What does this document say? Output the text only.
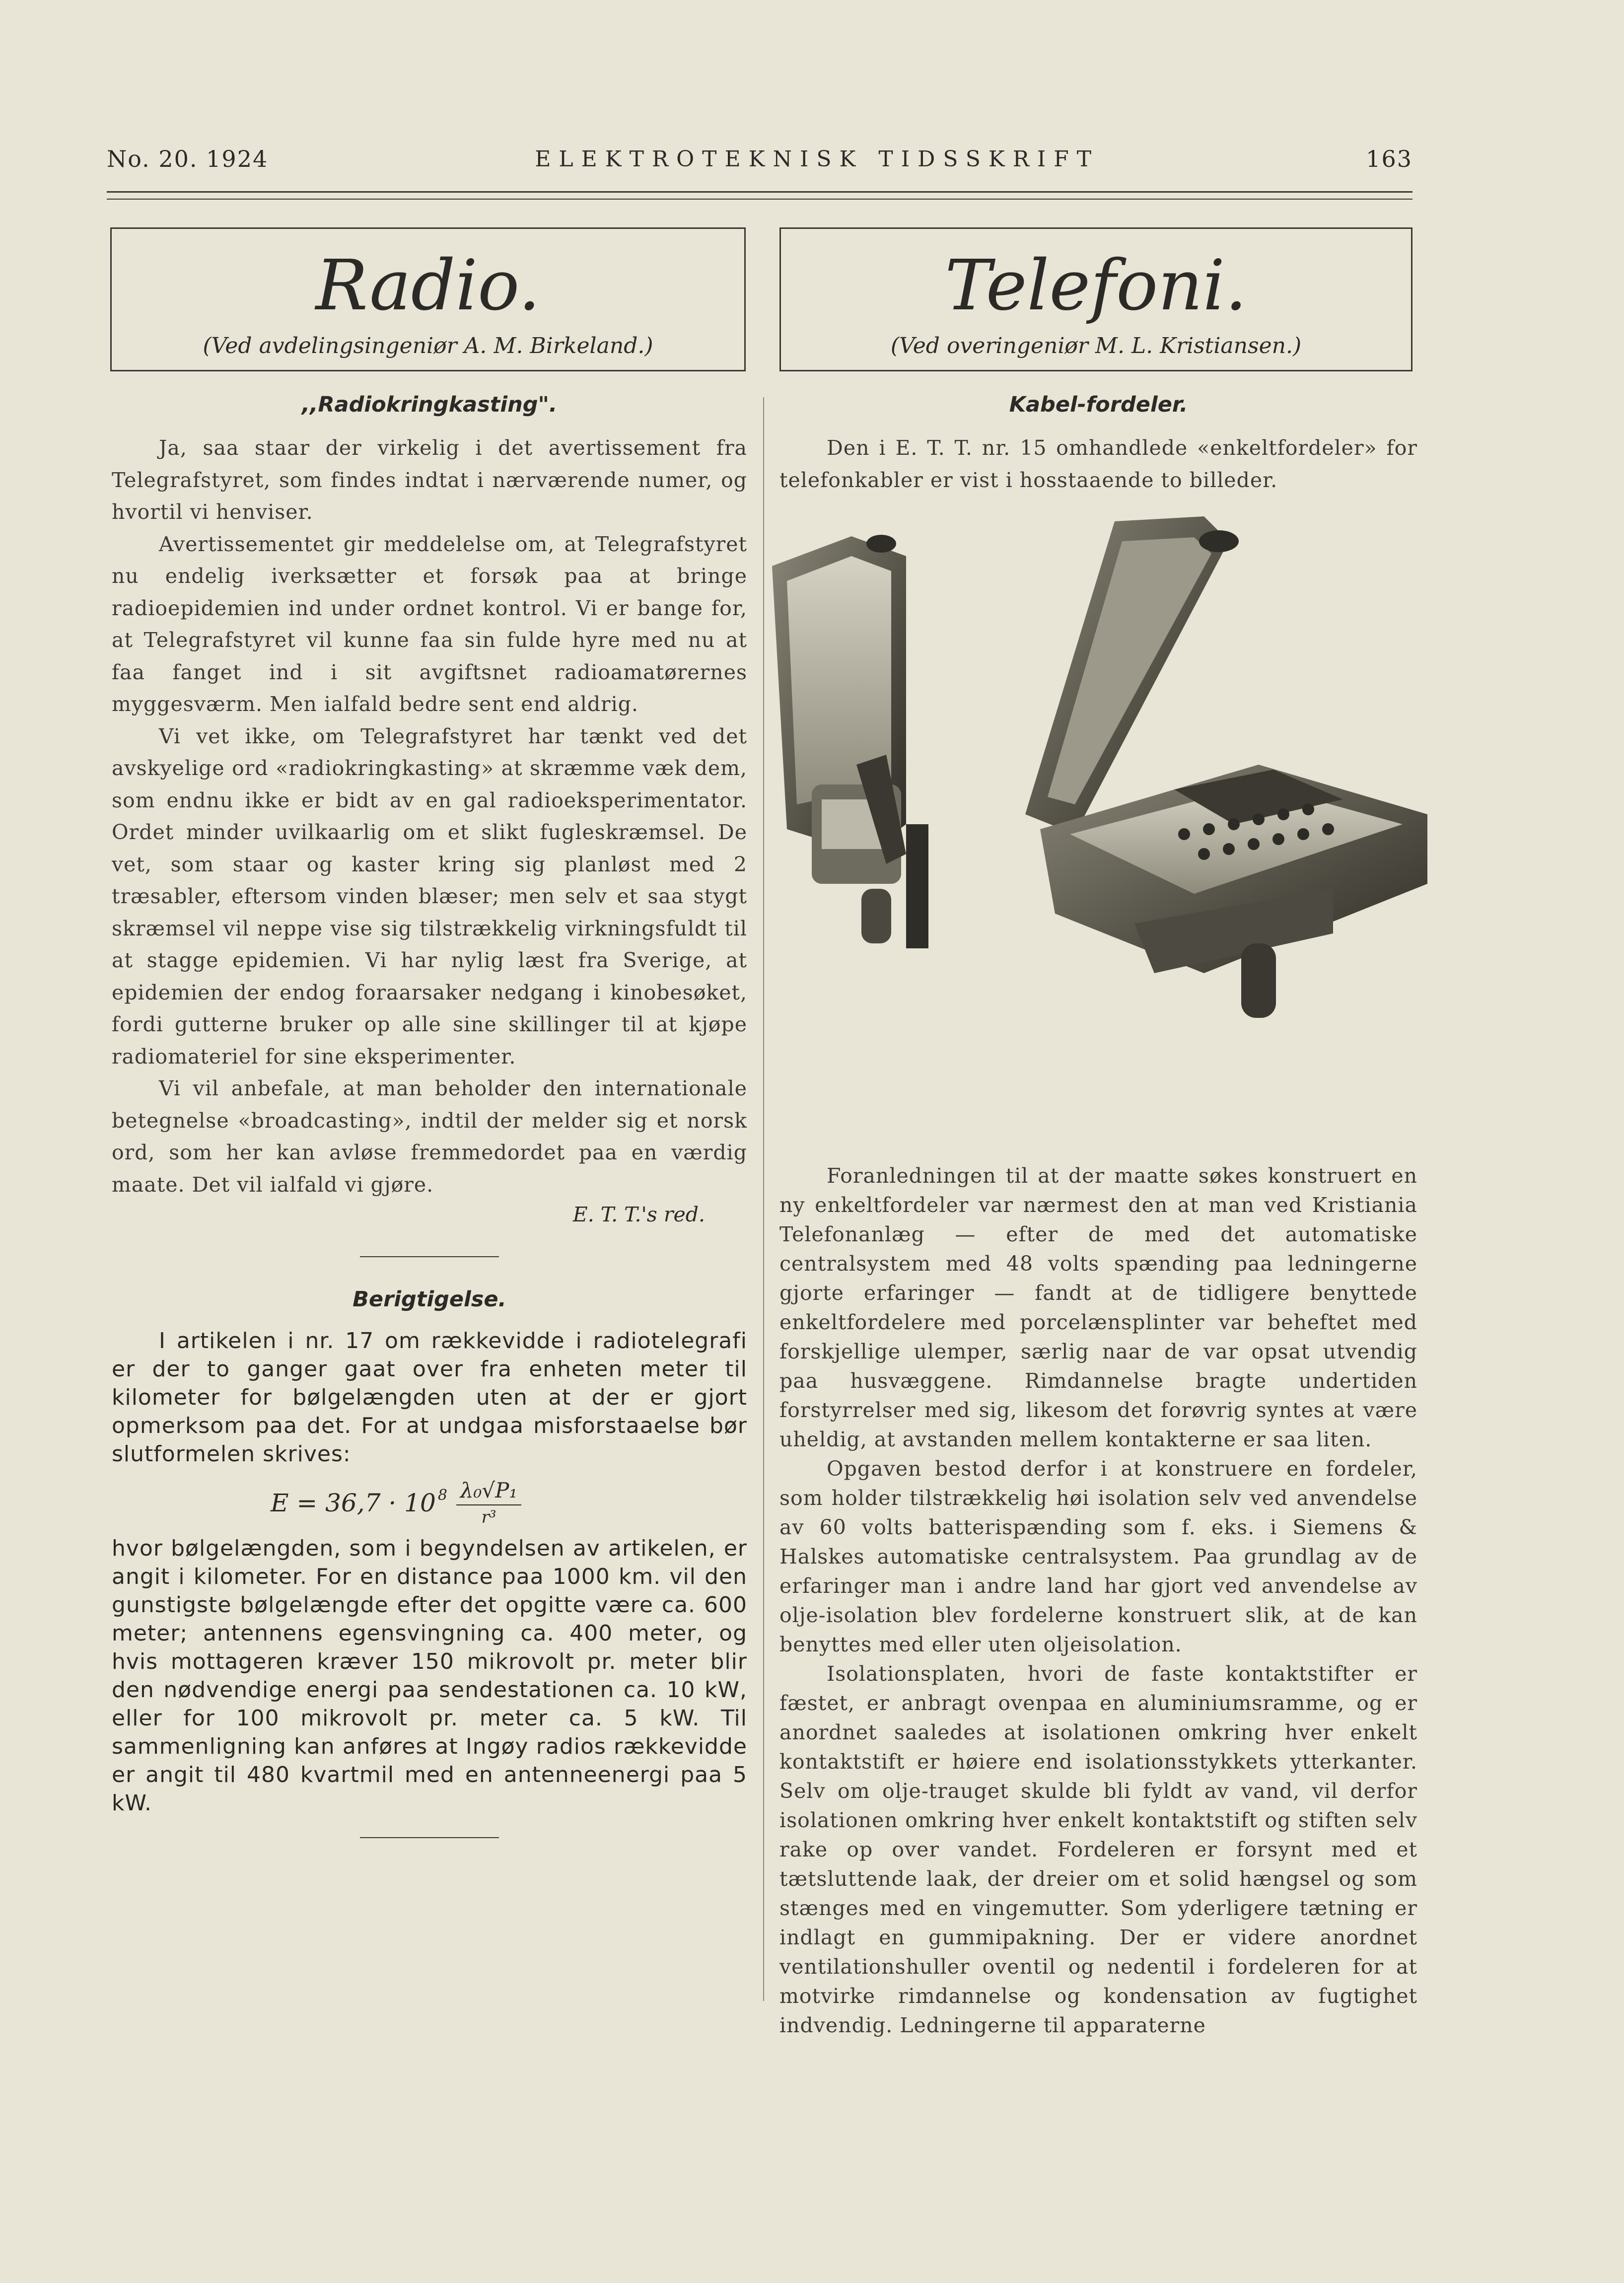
No. 20. 1924	ELEKTROTEKNISK TIDSSKRIFT	163
Radio.
(Ved avdelingsingeniør A. M. Birkeland.)
Telefoni.
(Ved overingeniør M. L. Kristiansen.)
,,Radiokringkasting".

Ja, saa staar der virkelig i det avertissement fra Telegrafstyret, som findes indtat i nærværende numer, og hvortil vi henviser.

Avertissementet gir meddelelse om, at Telegrafstyret nu endelig iverksætter et forsøk paa at bringe radioepidemien ind under ordnet kontrol. Vi er bange for, at Telegrafstyret vil kunne faa sin fulde hyre med nu at faa fanget ind i sit avgiftsnet radioamatørernes myggesværm. Men ialfald bedre sent end aldrig.

Vi vet ikke, om Telegrafstyret har tænkt ved det avskyelige ord «radiokringkasting» at skræmme væk dem, som endnu ikke er bidt av en gal radioeksperimentator. Ordet minder uvilkaarlig om et slikt fugleskræmsel. De vet, som staar og kaster kring sig planløst med 2 træsabler, eftersom vinden blæser; men selv et saa stygt skræmsel vil neppe vise sig tilstrækkelig virkningsfuldt til at stagge epidemien. Vi har nylig læst fra Sverige, at epidemien der endog foraarsaker nedgang i kinobesøket, fordi gutterne bruker op alle sine skillinger til at kjøpe radiomateriel for sine eksperimenter.

Vi vil anbefale, at man beholder den internationale betegnelse «broadcasting», indtil der melder sig et norsk ord, som her kan avløse fremmedordet paa en værdig maate. Det vil ialfald vi gjøre.

E. T. T.'s red.

Berigtigelse.

I artikelen i nr. 17 om rækkevidde i radiotelegrafi er der to ganger gaat over fra enheten meter til kilometer for bølgelængden uten at der er gjort opmerksom paa det. For at undgaa misforstaaelse bør slutformelen skrives:

$E = 36,7 \cdot 10^8 \frac{\text{λ₀√P₁}}{\text{r³}}$

hvor bølgelængden, som i begyndelsen av artikelen, er angit i kilometer. For en distance paa 1000 km. vil den gunstigste bølgelængde efter det opgitte være ca. 600 meter; antennens egensvingning ca. 400 meter, og hvis mottageren kræver 150 mikrovolt pr. meter blir den nødvendige energi paa sendestationen ca. 10 kW, eller for 100 mikrovolt pr. meter ca. 5 kW. Til sammenligning kan anføres at Ingøy radios rækkevidde er angit til 480 kvartmil med en antenneenergi paa 5 kW.

Kabel-fordeler.

Den i E. T. T. nr. 15 omhandlede «enkeltfordeler» for telefonkabler er vist i hosstaaende to billeder.

Foranledningen til at der maatte søkes konstruert en ny enkeltfordeler var nærmest den at man ved Kristiania Telefonanlæg — efter de med det automatiske centralsystem med 48 volts spænding paa ledningerne gjorte erfaringer — fandt at de tidligere benyttede enkeltfordelere med porcelænsplinter var beheftet med forskjellige ulemper, særlig naar de var opsat utvendig paa husvæggene. Rimdannelse bragte undertiden forstyrrelser med sig, likesom det forøvrig syntes at være uheldig, at avstanden mellem kontakterne er saa liten.

Opgaven bestod derfor i at konstruere en fordeler, som holder tilstrækkelig høi isolation selv ved anvendelse av 60 volts batterispænding som f. eks. i Siemens & Halskes automatiske centralsystem. Paa grundlag av de erfaringer man i andre land har gjort ved anvendelse av olje-isolation blev fordelerne konstruert slik, at de kan benyttes med eller uten oljeisolation.

Isolationsplaten, hvori de faste kontaktstifter er fæstet, er anbragt ovenpaa en aluminiumsramme, og er anordnet saaledes at isolationen omkring hver enkelt kontaktstift er høiere end isolationsstykkets ytterkanter. Selv om olje-trauget skulde bli fyldt av vand, vil derfor isolationen omkring hver enkelt kontaktstift og stiften selv rake op over vandet. Fordeleren er forsynt med et tætsluttende laak, der dreier om et solid hængsel og som stænges med en vingemutter. Som yderligere tætning er indlagt en gummipakning. Der er videre anordnet ventilationshuller oventil og nedentil i fordeleren for at motvirke rimdannelse og kondensation av fugtighet indvendig. Ledningerne til apparaterne
